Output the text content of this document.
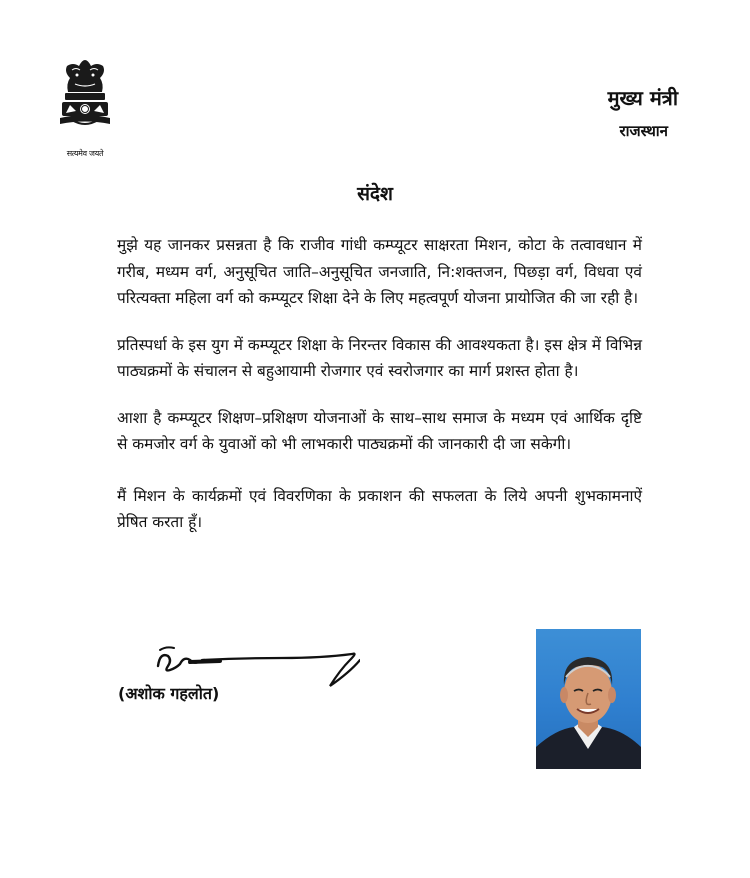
सत्यमेव जयते
मुख्य मंत्री
राजस्थान
संदेश

मुझे यह जानकर प्रसन्नता है कि राजीव गांधी कम्प्यूटर साक्षरता मिशन, कोटा के तत्वावधान में गरीब, मध्यम वर्ग, अनुसूचित जाति–अनुसूचित जनजाति, नि:शक्तजन, पिछड़ा वर्ग, विधवा एवं परित्यक्ता महिला वर्ग को कम्प्यूटर शिक्षा देने के लिए महत्वपूर्ण योजना प्रायोजित की जा रही है।

प्रतिस्पर्धा के इस युग में कम्प्यूटर शिक्षा के निरन्तर विकास की आवश्यकता है। इस क्षेत्र में विभिन्न पाठ्यक्रमों के संचालन से बहुआयामी रोजगार एवं स्वरोजगार का मार्ग प्रशस्त होता है।

आशा है कम्प्यूटर शिक्षण–प्रशिक्षण योजनाओं के साथ–साथ समाज के मध्यम एवं आर्थिक दृष्टि से कमजोर वर्ग के युवाओं को भी लाभकारी पाठ्यक्रमों की जानकारी दी जा सकेगी।

मैं मिशन के कार्यक्रमों एवं विवरणिका के प्रकाशन की सफलता के लिये अपनी शुभकामनाऐं प्रेषित करता हूँ।

(अशोक गहलोत)
